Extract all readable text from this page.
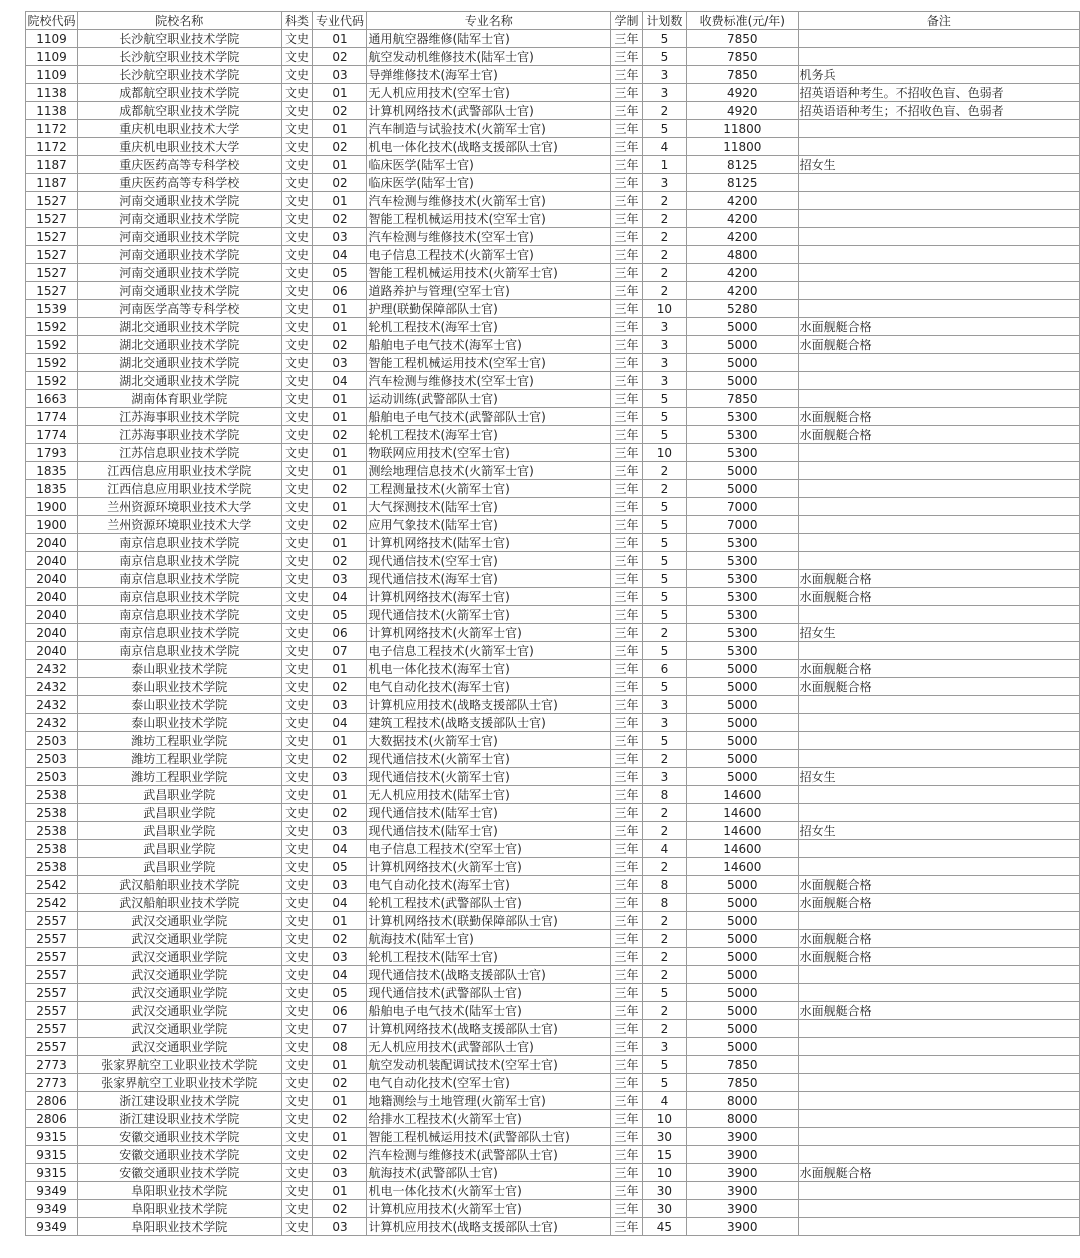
院校代码	院校名称	科类	专业代码	专业名称	学制	计划数	收费标准(元/年)	备注
1109	长沙航空职业技术学院	文史	01	通用航空器维修(陆军士官)	三年	5	7850	
1109	长沙航空职业技术学院	文史	02	航空发动机维修技术(陆军士官)	三年	5	7850	
1109	长沙航空职业技术学院	文史	03	导弹维修技术(海军士官)	三年	3	7850	机务兵
1138	成都航空职业技术学院	文史	01	无人机应用技术(空军士官)	三年	3	4920	招英语语种考生。不招收色盲、色弱者
1138	成都航空职业技术学院	文史	02	计算机网络技术(武警部队士官)	三年	2	4920	招英语语种考生；不招收色盲、色弱者
1172	重庆机电职业技术大学	文史	01	汽车制造与试验技术(火箭军士官)	三年	5	11800	
1172	重庆机电职业技术大学	文史	02	机电一体化技术(战略支援部队士官)	三年	4	11800	
1187	重庆医药高等专科学校	文史	01	临床医学(陆军士官)	三年	1	8125	招女生
1187	重庆医药高等专科学校	文史	02	临床医学(陆军士官)	三年	3	8125	
1527	河南交通职业技术学院	文史	01	汽车检测与维修技术(火箭军士官)	三年	2	4200	
1527	河南交通职业技术学院	文史	02	智能工程机械运用技术(空军士官)	三年	2	4200	
1527	河南交通职业技术学院	文史	03	汽车检测与维修技术(空军士官)	三年	2	4200	
1527	河南交通职业技术学院	文史	04	电子信息工程技术(火箭军士官)	三年	2	4800	
1527	河南交通职业技术学院	文史	05	智能工程机械运用技术(火箭军士官)	三年	2	4200	
1527	河南交通职业技术学院	文史	06	道路养护与管理(空军士官)	三年	2	4200	
1539	河南医学高等专科学校	文史	01	护理(联勤保障部队士官)	三年	10	5280	
1592	湖北交通职业技术学院	文史	01	轮机工程技术(海军士官)	三年	3	5000	水面舰艇合格
1592	湖北交通职业技术学院	文史	02	船舶电子电气技术(海军士官)	三年	3	5000	水面舰艇合格
1592	湖北交通职业技术学院	文史	03	智能工程机械运用技术(空军士官)	三年	3	5000	
1592	湖北交通职业技术学院	文史	04	汽车检测与维修技术(空军士官)	三年	3	5000	
1663	湖南体育职业学院	文史	01	运动训练(武警部队士官)	三年	5	7850	
1774	江苏海事职业技术学院	文史	01	船舶电子电气技术(武警部队士官)	三年	5	5300	水面舰艇合格
1774	江苏海事职业技术学院	文史	02	轮机工程技术(海军士官)	三年	5	5300	水面舰艇合格
1793	江苏信息职业技术学院	文史	01	物联网应用技术(空军士官)	三年	10	5300	
1835	江西信息应用职业技术学院	文史	01	测绘地理信息技术(火箭军士官)	三年	2	5000	
1835	江西信息应用职业技术学院	文史	02	工程测量技术(火箭军士官)	三年	2	5000	
1900	兰州资源环境职业技术大学	文史	01	大气探测技术(陆军士官)	三年	5	7000	
1900	兰州资源环境职业技术大学	文史	02	应用气象技术(陆军士官)	三年	5	7000	
2040	南京信息职业技术学院	文史	01	计算机网络技术(陆军士官)	三年	5	5300	
2040	南京信息职业技术学院	文史	02	现代通信技术(空军士官)	三年	5	5300	
2040	南京信息职业技术学院	文史	03	现代通信技术(海军士官)	三年	5	5300	水面舰艇合格
2040	南京信息职业技术学院	文史	04	计算机网络技术(海军士官)	三年	5	5300	水面舰艇合格
2040	南京信息职业技术学院	文史	05	现代通信技术(火箭军士官)	三年	5	5300	
2040	南京信息职业技术学院	文史	06	计算机网络技术(火箭军士官)	三年	2	5300	招女生
2040	南京信息职业技术学院	文史	07	电子信息工程技术(火箭军士官)	三年	5	5300	
2432	泰山职业技术学院	文史	01	机电一体化技术(海军士官)	三年	6	5000	水面舰艇合格
2432	泰山职业技术学院	文史	02	电气自动化技术(海军士官)	三年	5	5000	水面舰艇合格
2432	泰山职业技术学院	文史	03	计算机应用技术(战略支援部队士官)	三年	3	5000	
2432	泰山职业技术学院	文史	04	建筑工程技术(战略支援部队士官)	三年	3	5000	
2503	潍坊工程职业学院	文史	01	大数据技术(火箭军士官)	三年	5	5000	
2503	潍坊工程职业学院	文史	02	现代通信技术(火箭军士官)	三年	2	5000	
2503	潍坊工程职业学院	文史	03	现代通信技术(火箭军士官)	三年	3	5000	招女生
2538	武昌职业学院	文史	01	无人机应用技术(陆军士官)	三年	8	14600	
2538	武昌职业学院	文史	02	现代通信技术(陆军士官)	三年	2	14600	
2538	武昌职业学院	文史	03	现代通信技术(陆军士官)	三年	2	14600	招女生
2538	武昌职业学院	文史	04	电子信息工程技术(空军士官)	三年	4	14600	
2538	武昌职业学院	文史	05	计算机网络技术(火箭军士官)	三年	2	14600	
2542	武汉船舶职业技术学院	文史	03	电气自动化技术(海军士官)	三年	8	5000	水面舰艇合格
2542	武汉船舶职业技术学院	文史	04	轮机工程技术(武警部队士官)	三年	8	5000	水面舰艇合格
2557	武汉交通职业学院	文史	01	计算机网络技术(联勤保障部队士官)	三年	2	5000	
2557	武汉交通职业学院	文史	02	航海技术(陆军士官)	三年	2	5000	水面舰艇合格
2557	武汉交通职业学院	文史	03	轮机工程技术(陆军士官)	三年	2	5000	水面舰艇合格
2557	武汉交通职业学院	文史	04	现代通信技术(战略支援部队士官)	三年	2	5000	
2557	武汉交通职业学院	文史	05	现代通信技术(武警部队士官)	三年	5	5000	
2557	武汉交通职业学院	文史	06	船舶电子电气技术(陆军士官)	三年	2	5000	水面舰艇合格
2557	武汉交通职业学院	文史	07	计算机网络技术(战略支援部队士官)	三年	2	5000	
2557	武汉交通职业学院	文史	08	无人机应用技术(武警部队士官)	三年	3	5000	
2773	张家界航空工业职业技术学院	文史	01	航空发动机装配调试技术(空军士官)	三年	5	7850	
2773	张家界航空工业职业技术学院	文史	02	电气自动化技术(空军士官)	三年	5	7850	
2806	浙江建设职业技术学院	文史	01	地籍测绘与土地管理(火箭军士官)	三年	4	8000	
2806	浙江建设职业技术学院	文史	02	给排水工程技术(火箭军士官)	三年	10	8000	
9315	安徽交通职业技术学院	文史	01	智能工程机械运用技术(武警部队士官)	三年	30	3900	
9315	安徽交通职业技术学院	文史	02	汽车检测与维修技术(武警部队士官)	三年	15	3900	
9315	安徽交通职业技术学院	文史	03	航海技术(武警部队士官)	三年	10	3900	水面舰艇合格
9349	阜阳职业技术学院	文史	01	机电一体化技术(火箭军士官)	三年	30	3900	
9349	阜阳职业技术学院	文史	02	计算机应用技术(火箭军士官)	三年	30	3900	
9349	阜阳职业技术学院	文史	03	计算机应用技术(战略支援部队士官)	三年	45	3900	
